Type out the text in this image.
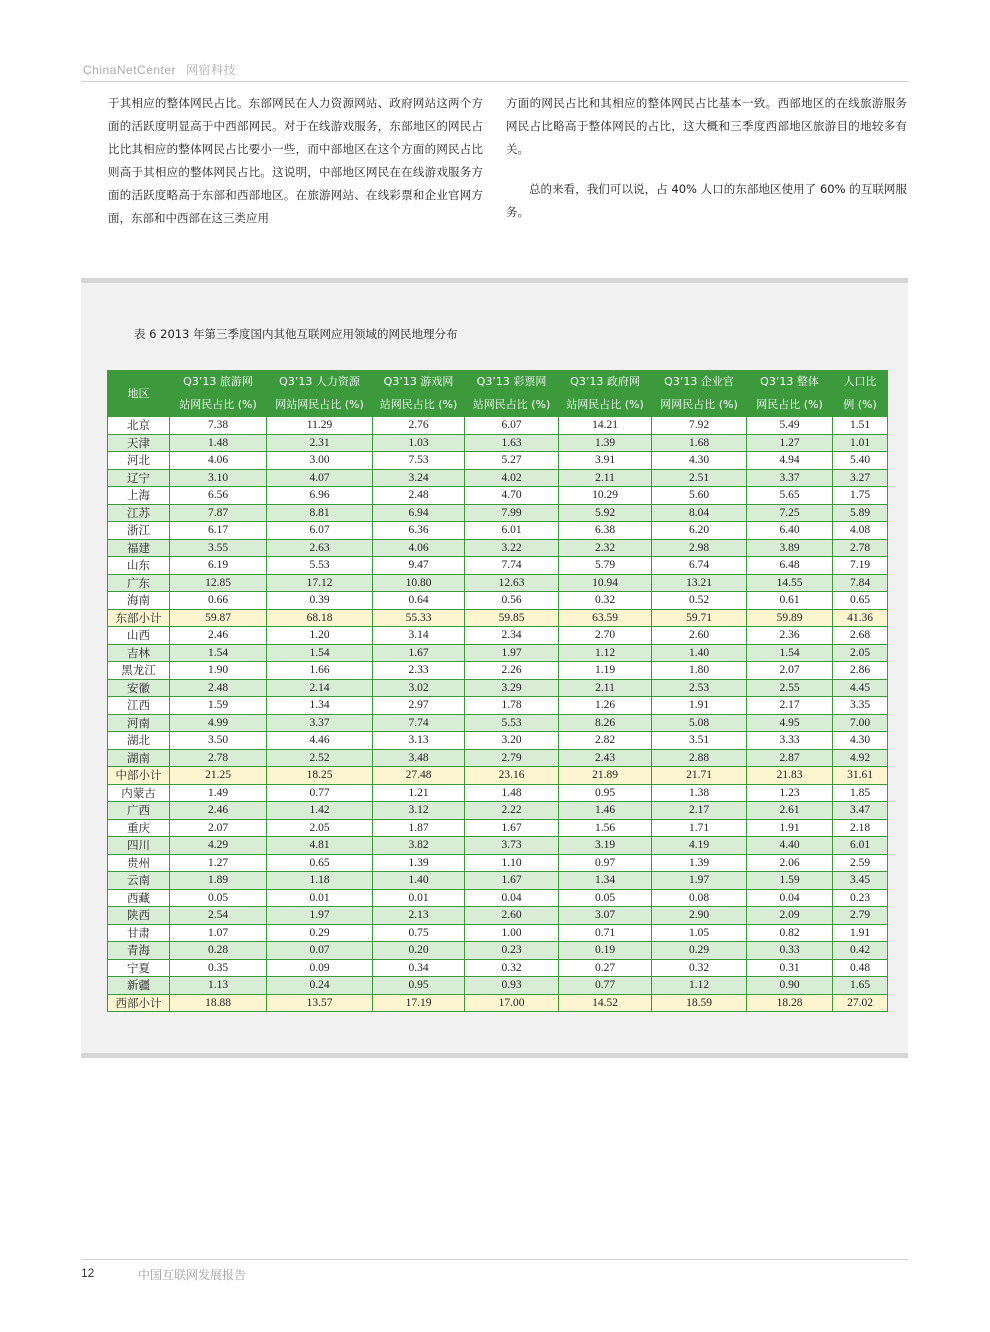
ChinaNetCenter 网宿科技

于其相应的整体网民占比。东部网民在人力资源网站、政府网站这两个方面的活跃度明显高于中西部网民。对于在线游戏服务，东部地区的网民占比比其相应的整体网民占比要小一些，而中部地区在这个方面的网民占比则高于其相应的整体网民占比。这说明，中部地区网民在在线游戏服务方面的活跃度略高于东部和西部地区。在旅游网站、在线彩票和企业官网方面，东部和中西部在这三类应用

方面的网民占比和其相应的整体网民占比基本一致。西部地区的在线旅游服务网民占比略高于整体网民的占比，这大概和三季度西部地区旅游目的地较多有关。

总的来看，我们可以说，占 40% 人口的东部地区使用了 60% 的互联网服务。

表 6 2013 年第三季度国内其他互联网应用领域的网民地理分布
地区	Q3’13 旅游网	Q3’13 人力资源	Q3’13 游戏网	Q3’13 彩票网	Q3’13 政府网	Q3’13 企业官	Q3’13 整体	人口比
	站网民占比 (%)	网站网民占比 (%)	站网民占比 (%)	站网民占比 (%)	站网民占比 (%)	网网民占比 (%)	网民占比 (%)	例 (%)
北京	7.38	11.29	2.76	6.07	14.21	7.92	5.49	1.51
天津	1.48	2.31	1.03	1.63	1.39	1.68	1.27	1.01
河北	4.06	3.00	7.53	5.27	3.91	4.30	4.94	5.40
辽宁	3.10	4.07	3.24	4.02	2.11	2.51	3.37	3.27
上海	6.56	6.96	2.48	4.70	10.29	5.60	5.65	1.75
江苏	7.87	8.81	6.94	7.99	5.92	8.04	7.25	5.89
浙江	6.17	6.07	6.36	6.01	6.38	6.20	6.40	4.08
福建	3.55	2.63	4.06	3.22	2.32	2.98	3.89	2.78
山东	6.19	5.53	9.47	7.74	5.79	6.74	6.48	7.19
广东	12.85	17.12	10.80	12.63	10.94	13.21	14.55	7.84
海南	0.66	0.39	0.64	0.56	0.32	0.52	0.61	0.65
东部小计	59.87	68.18	55.33	59.85	63.59	59.71	59.89	41.36
山西	2.46	1.20	3.14	2.34	2.70	2.60	2.36	2.68
吉林	1.54	1.54	1.67	1.97	1.12	1.40	1.54	2.05
黑龙江	1.90	1.66	2.33	2.26	1.19	1.80	2.07	2.86
安徽	2.48	2.14	3.02	3.29	2.11	2.53	2.55	4.45
江西	1.59	1.34	2.97	1.78	1.26	1.91	2.17	3.35
河南	4.99	3.37	7.74	5.53	8.26	5.08	4.95	7.00
湖北	3.50	4.46	3.13	3.20	2.82	3.51	3.33	4.30
湖南	2.78	2.52	3.48	2.79	2.43	2.88	2.87	4.92
中部小计	21.25	18.25	27.48	23.16	21.89	21.71	21.83	31.61
内蒙古	1.49	0.77	1.21	1.48	0.95	1.38	1.23	1.85
广西	2.46	1.42	3.12	2.22	1.46	2.17	2.61	3.47
重庆	2.07	2.05	1.87	1.67	1.56	1.71	1.91	2.18
四川	4.29	4.81	3.82	3.73	3.19	4.19	4.40	6.01
贵州	1.27	0.65	1.39	1.10	0.97	1.39	2.06	2.59
云南	1.89	1.18	1.40	1.67	1.34	1.97	1.59	3.45
西藏	0.05	0.01	0.01	0.04	0.05	0.08	0.04	0.23
陕西	2.54	1.97	2.13	2.60	3.07	2.90	2.09	2.79
甘肃	1.07	0.29	0.75	1.00	0.71	1.05	0.82	1.91
青海	0.28	0.07	0.20	0.23	0.19	0.29	0.33	0.42
宁夏	0.35	0.09	0.34	0.32	0.27	0.32	0.31	0.48
新疆	1.13	0.24	0.95	0.93	0.77	1.12	0.90	1.65
西部小计	18.88	13.57	17.19	17.00	14.52	18.59	18.28	27.02
12	中国互联网发展报告
